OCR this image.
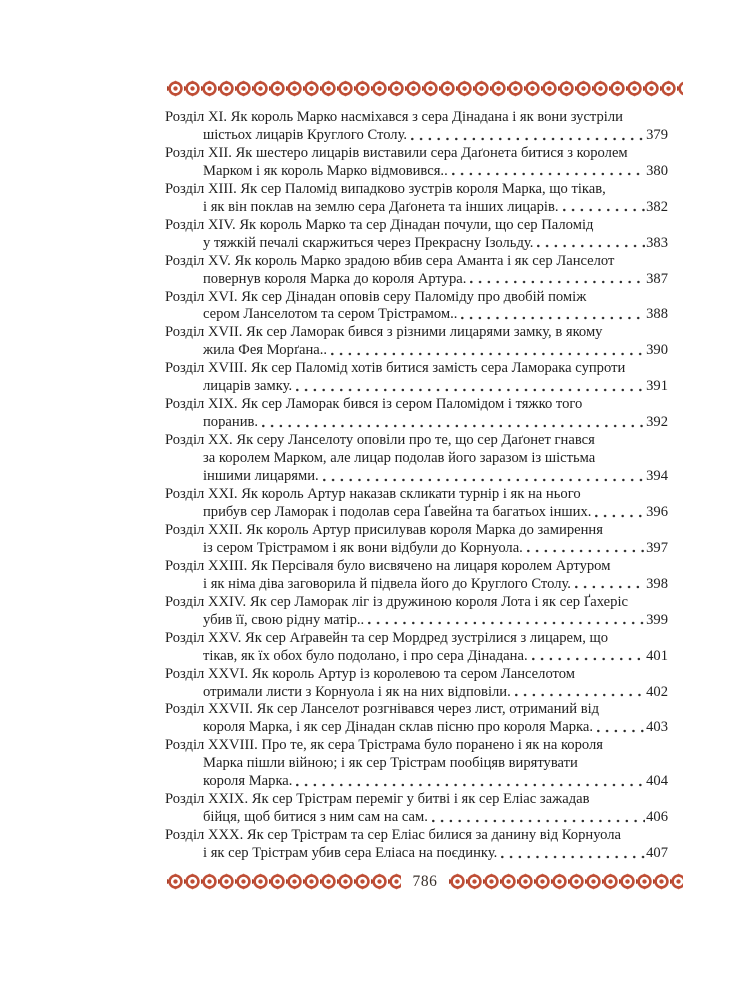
Розділ XI. Як король Марко насміхався з сера Дінадана і як вони зустріли
шістьох лицарів Круглого Столу.	379
Розділ XII. Як шестеро лицарів виставили сера Даґонета битися з королем
Марком і як король Марко відмовився..	380
Розділ XIII. Як сер Паломід випадково зустрів короля Марка, що тікав,
і як він поклав на землю сера Даґонета та інших лицарів.	382
Розділ XIV. Як король Марко та сер Дінадан почули, що сер Паломід
у тяжкій печалі скаржиться через Прекрасну Ізольду.	383
Розділ XV. Як король Марко зрадою вбив сера Аманта і як сер Ланселот
повернув короля Марка до короля Артура.	387
Розділ XVI. Як сер Дінадан оповів серу Паломіду про двобій поміж
сером Ланселотом та сером Трістрамом..	388
Розділ XVII. Як сер Ламорак бився з різними лицарями замку, в якому
жила Фея Морґана..	390
Розділ XVIII. Як сер Паломід хотів битися замість сера Ламорака супроти
лицарів замку.	391
Розділ XIX. Як сер Ламорак бився із сером Паломідом і тяжко того
поранив.	392
Розділ XX. Як серу Ланселоту оповіли про те, що сер Даґонет гнався
за королем Марком, але лицар подолав його заразом із шістьма
іншими лицарями.	394
Розділ XXI. Як король Артур наказав скликати турнір і як на нього
прибув сер Ламорак і подолав сера Ґавейна та багатьох інших.	396
Розділ XXII. Як король Артур присилував короля Марка до замирення
із сером Трістрамом і як вони відбули до Корнуола.	397
Розділ XXIII. Як Персіваля було висвячено на лицаря королем Артуром
і як німа діва заговорила й підвела його до Круглого Столу.	398
Розділ XXIV. Як сер Ламорак ліг із дружиною короля Лота і як сер Ґахеріс
убив її, свою рідну матір..	399
Розділ XXV. Як сер Аґравейн та сер Мордред зустрілися з лицарем, що
тікав, як їх обох було подолано, і про сера Дінадана.	401
Розділ XXVI. Як король Артур із королевою та сером Ланселотом
отримали листи з Корнуола і як на них відповіли.	402
Розділ XXVII. Як сер Ланселот розгнівався через лист, отриманий від
короля Марка, і як сер Дінадан склав пісню про короля Марка.	403
Розділ XXVIII. Про те, як сера Трістрама було поранено і як на короля
Марка пішли війною; і як сер Трістрам пообіцяв вирятувати
короля Марка.	404
Розділ XXIX. Як сер Трістрам переміг у битві і як сер Еліас зажадав
бійця, щоб битися з ним сам на сам.	406
Розділ XXX. Як сер Трістрам та сер Еліас билися за данину від Корнуола
і як сер Трістрам убив сера Еліаса на поєдинку.	407
786
